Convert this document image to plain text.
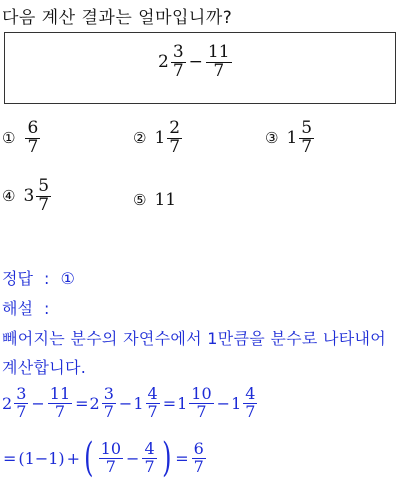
다음 계산 결과는 얼마입니까?
$2 \frac{3}{7} - \frac{11}{7}$
① $\frac{6}{7}$	② $1 \frac{2}{7}$	③ $1 \frac{5}{7}$
④ $3 \frac{5}{7}$	⑤ 11
정답 : ①
해설 :
빼어지는 분수의 자연수에서 1만큼을 분수로 나타내어
계산합니다.
$2 \frac{3}{7} - \frac{11}{7} = 2 \frac{3}{7} - 1 \frac{4}{7} = 1 \frac{10}{7} - 1 \frac{4}{7}$
= (1−1) + ( $\frac{10}{7} - \frac{4}{7}$ ) = $\frac{6}{7}$
